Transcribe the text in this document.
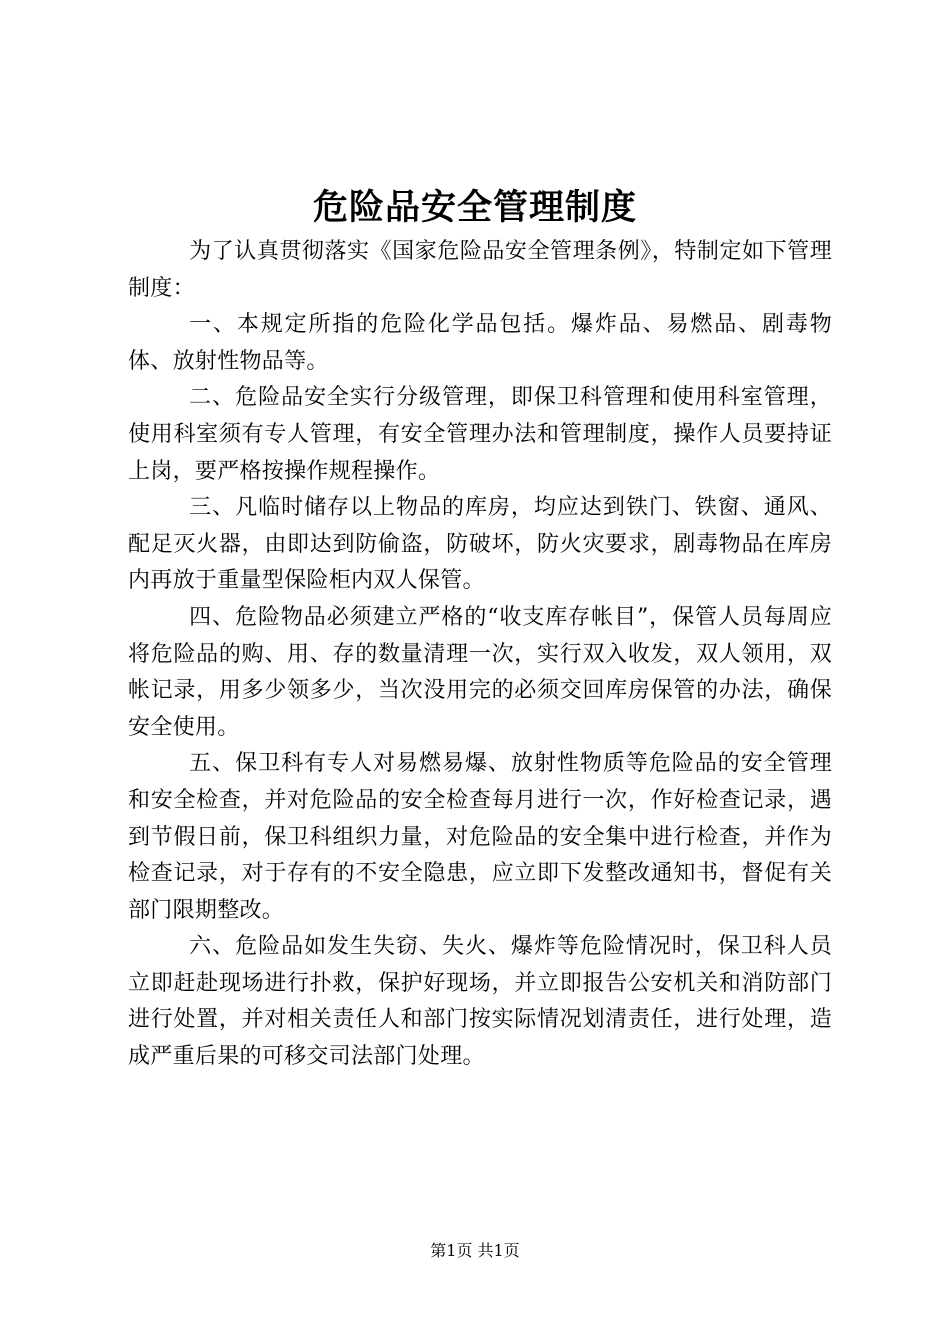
危险品安全管理制度

为了认真贯彻落实《国家危险品安全管理条例》，特制定如下管理制度：

一、本规定所指的危险化学品包括。爆炸品、易燃品、剧毒物体、放射性物品等。

二、危险品安全实行分级管理，即保卫科管理和使用科室管理，使用科室须有专人管理，有安全管理办法和管理制度，操作人员要持证上岗，要严格按操作规程操作。

三、凡临时储存以上物品的库房，均应达到铁门、铁窗、通风、配足灭火器，由即达到防偷盗，防破坏，防火灾要求，剧毒物品在库房内再放于重量型保险柜内双人保管。

四、危险物品必须建立严格的“收支库存帐目”，保管人员每周应将危险品的购、用、存的数量清理一次，实行双入收发，双人领用，双帐记录，用多少领多少，当次没用完的必须交回库房保管的办法，确保安全使用。

五、保卫科有专人对易燃易爆、放射性物质等危险品的安全管理和安全检查，并对危险品的安全检查每月进行一次，作好检查记录，遇到节假日前，保卫科组织力量，对危险品的安全集中进行检查，并作为检查记录，对于存有的不安全隐患，应立即下发整改通知书，督促有关部门限期整改。

六、危险品如发生失窃、失火、爆炸等危险情况时，保卫科人员立即赶赴现场进行扑救，保护好现场，并立即报告公安机关和消防部门进行处置，并对相关责任人和部门按实际情况划清责任，进行处理，造成严重后果的可移交司法部门处理。

第1页 共1页
